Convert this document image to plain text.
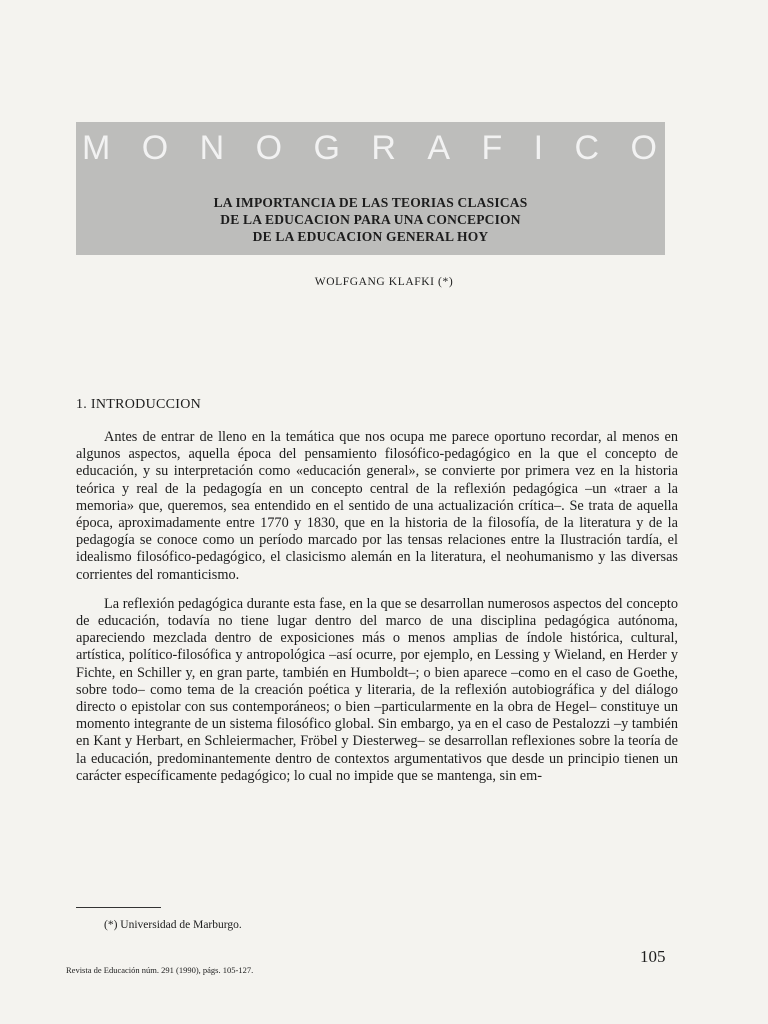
M O N O G R A F I C O
LA IMPORTANCIA DE LAS TEORIAS CLASICAS
DE LA EDUCACION PARA UNA CONCEPCION
DE LA EDUCACION GENERAL HOY
WOLFGANG KLAFKI (*)
1. INTRODUCCION

Antes de entrar de lleno en la temática que nos ocupa me parece oportuno recordar, al menos en algunos aspectos, aquella época del pensamiento filosófico-pedagógico en la que el concepto de educación, y su interpretación como «educación general», se convierte por primera vez en la historia teórica y real de la pedagogía en un concepto central de la reflexión pedagógica –un «traer a la memoria» que, queremos, sea entendido en el sentido de una actualización crítica–. Se trata de aquella época, aproximadamente entre 1770 y 1830, que en la historia de la filosofía, de la literatura y de la pedagogía se conoce como un período marcado por las tensas relaciones entre la Ilustración tardía, el idealismo filosófico-pedagógico, el clasicismo alemán en la literatura, el neohumanismo y las diversas corrientes del romanticismo.

La reflexión pedagógica durante esta fase, en la que se desarrollan numerosos aspectos del concepto de educación, todavía no tiene lugar dentro del marco de una disciplina pedagógica autónoma, apareciendo mezclada dentro de exposiciones más o menos amplias de índole histórica, cultural, artística, político-filosófica y antropológica –así ocurre, por ejemplo, en Lessing y Wieland, en Herder y Fichte, en Schiller y, en gran parte, también en Humboldt–; o bien aparece –como en el caso de Goethe, sobre todo– como tema de la creación poética y literaria, de la reflexión autobiográfica y del diálogo directo o epistolar con sus contemporáneos; o bien –particularmente en la obra de Hegel– constituye un momento integrante de un sistema filosófico global. Sin embargo, ya en el caso de Pestalozzi –y también en Kant y Herbart, en Schleiermacher, Fröbel y Diesterweg– se desarrollan reflexiones sobre la teoría de la educación, predominantemente dentro de contextos argumentativos que desde un principio tienen un carácter específicamente pedagógico; lo cual no impide que se mantenga, sin em-

(*) Universidad de Marburgo.
Revista de Educación núm. 291 (1990), págs. 105-127.
105
